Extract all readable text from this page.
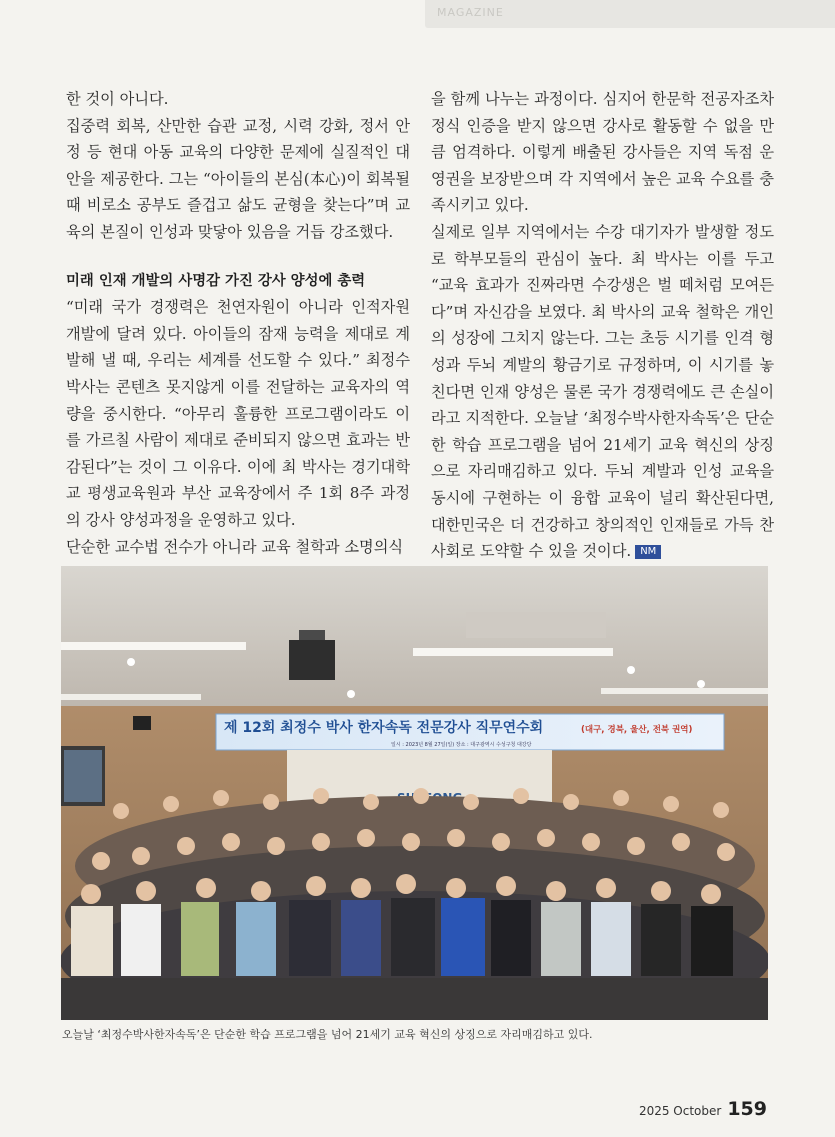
MAGAZINE

한 것이 아니다.

집중력 회복, 산만한 습관 교정, 시력 강화, 정서 안정 등 현대 아동 교육의 다양한 문제에 실질적인 대안을 제공한다. 그는 “아이들의 본심(本心)이 회복될 때 비로소 공부도 즐겁고 삶도 균형을 찾는다”며 교육의 본질이 인성과 맞닿아 있음을 거듭 강조했다.

미래 인재 개발의 사명감 가진 강사 양성에 총력

“미래 국가 경쟁력은 천연자원이 아니라 인적자원 개발에 달려 있다. 아이들의 잠재 능력을 제대로 계발해 낼 때, 우리는 세계를 선도할 수 있다.” 최정수 박사는 콘텐츠 못지않게 이를 전달하는 교육자의 역량을 중시한다. “아무리 훌륭한 프로그램이라도 이를 가르칠 사람이 제대로 준비되지 않으면 효과는 반감된다”는 것이 그 이유다. 이에 최 박사는 경기대학교 평생교육원과 부산 교육장에서 주 1회 8주 과정의 강사 양성과정을 운영하고 있다.

단순한 교수법 전수가 아니라 교육 철학과 소명의식

을 함께 나누는 과정이다. 심지어 한문학 전공자조차 정식 인증을 받지 않으면 강사로 활동할 수 없을 만큼 엄격하다. 이렇게 배출된 강사들은 지역 독점 운영권을 보장받으며 각 지역에서 높은 교육 수요를 충족시키고 있다.

실제로 일부 지역에서는 수강 대기자가 발생할 정도로 학부모들의 관심이 높다. 최 박사는 이를 두고 “교육 효과가 진짜라면 수강생은 벌 떼처럼 모여든다”며 자신감을 보였다. 최 박사의 교육 철학은 개인의 성장에 그치지 않는다. 그는 초등 시기를 인격 형성과 두뇌 계발의 황금기로 규정하며, 이 시기를 놓친다면 인재 양성은 물론 국가 경쟁력에도 큰 손실이라고 지적한다. 오늘날 ‘최정수박사한자속독’은 단순한 학습 프로그램을 넘어 21세기 교육 혁신의 상징으로 자리매김하고 있다. 두뇌 계발과 인성 교육을 동시에 구현하는 이 융합 교육이 널리 확산된다면, 대한민국은 더 건강하고 창의적인 인재들로 가득 찬 사회로 도약할 수 있을 것이다. NM

제 12회 최정수 박사 한자속독 전문강사 직무연수회	(대구, 경북, 울산, 전북 권역)
일시 : 2023년 8월 27일(일) 장소 : 대구광역시 수성구청 대강당
오늘날 ‘최정수박사한자속독’은 단순한 학습 프로그램을 넘어 21세기 교육 혁신의 상징으로 자리매김하고 있다.
2025 October 159
